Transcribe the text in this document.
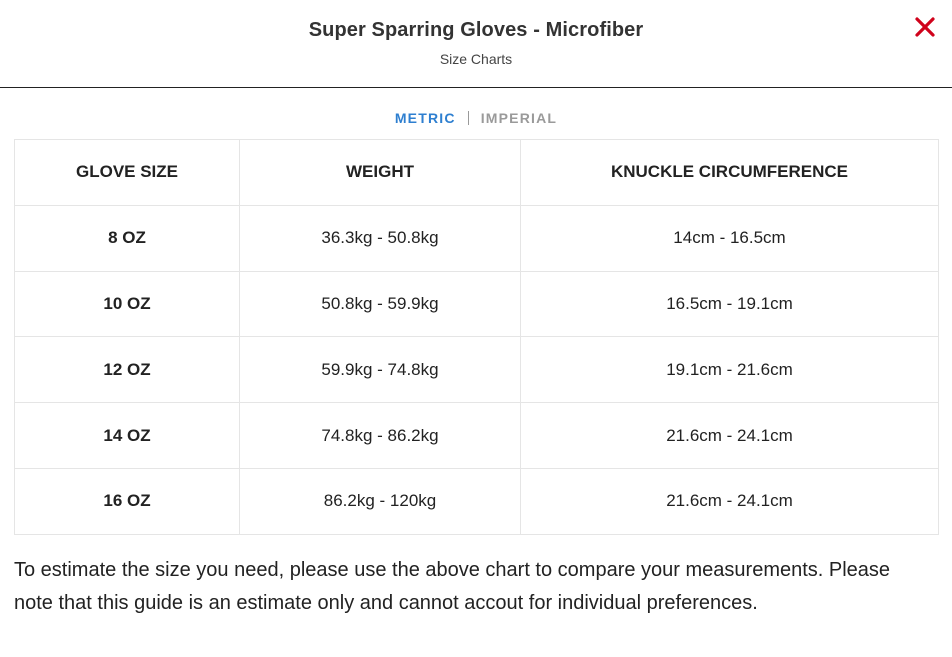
Super Sparring Gloves - Microfiber
Size Charts
METRIC IMPERIAL
GLOVE SIZE	WEIGHT	KNUCKLE CIRCUMFERENCE
8 OZ	36.3kg - 50.8kg	14cm - 16.5cm
10 OZ	50.8kg - 59.9kg	16.5cm - 19.1cm
12 OZ	59.9kg - 74.8kg	19.1cm - 21.6cm
14 OZ	74.8kg - 86.2kg	21.6cm - 24.1cm
16 OZ	86.2kg - 120kg	21.6cm - 24.1cm

To estimate the size you need, please use the above chart to compare your measurements. Please note that this guide is an estimate only and cannot accout for individual preferences.
